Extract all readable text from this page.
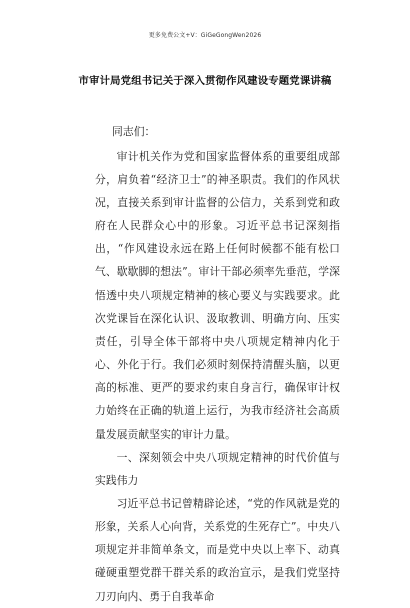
更多免费公文+V：GiGeGongWen2026
市审计局党组书记关于深入贯彻作风建设专题党课讲稿

同志们：

审计机关作为党和国家监督体系的重要组成部分，肩负着“经济卫士”的神圣职责。我们的作风状况，直接关系到审计监督的公信力，关系到党和政府在人民群众心中的形象。习近平总书记深刻指出，“作风建设永远在路上任何时候都不能有松口气、歇歇脚的想法”。审计干部必须率先垂范，学深悟透中央八项规定精神的核心要义与实践要求。此次党课旨在深化认识、汲取教训、明确方向、压实责任，引导全体干部将中央八项规定精神内化于心、外化于行。我们必须时刻保持清醒头脑，以更高的标准、更严的要求约束自身言行，确保审计权力始终在正确的轨道上运行，为我市经济社会高质量发展贡献坚实的审计力量。

一、深刻领会中央八项规定精神的时代价值与实践伟力

习近平总书记曾精辟论述，“党的作风就是党的形象，关系人心向背，关系党的生死存亡”。中央八项规定并非简单条文，而是党中央以上率下、动真碰硬重塑党群干群关系的政治宣示，是我们党坚持刀刃向内、勇于自我革命
